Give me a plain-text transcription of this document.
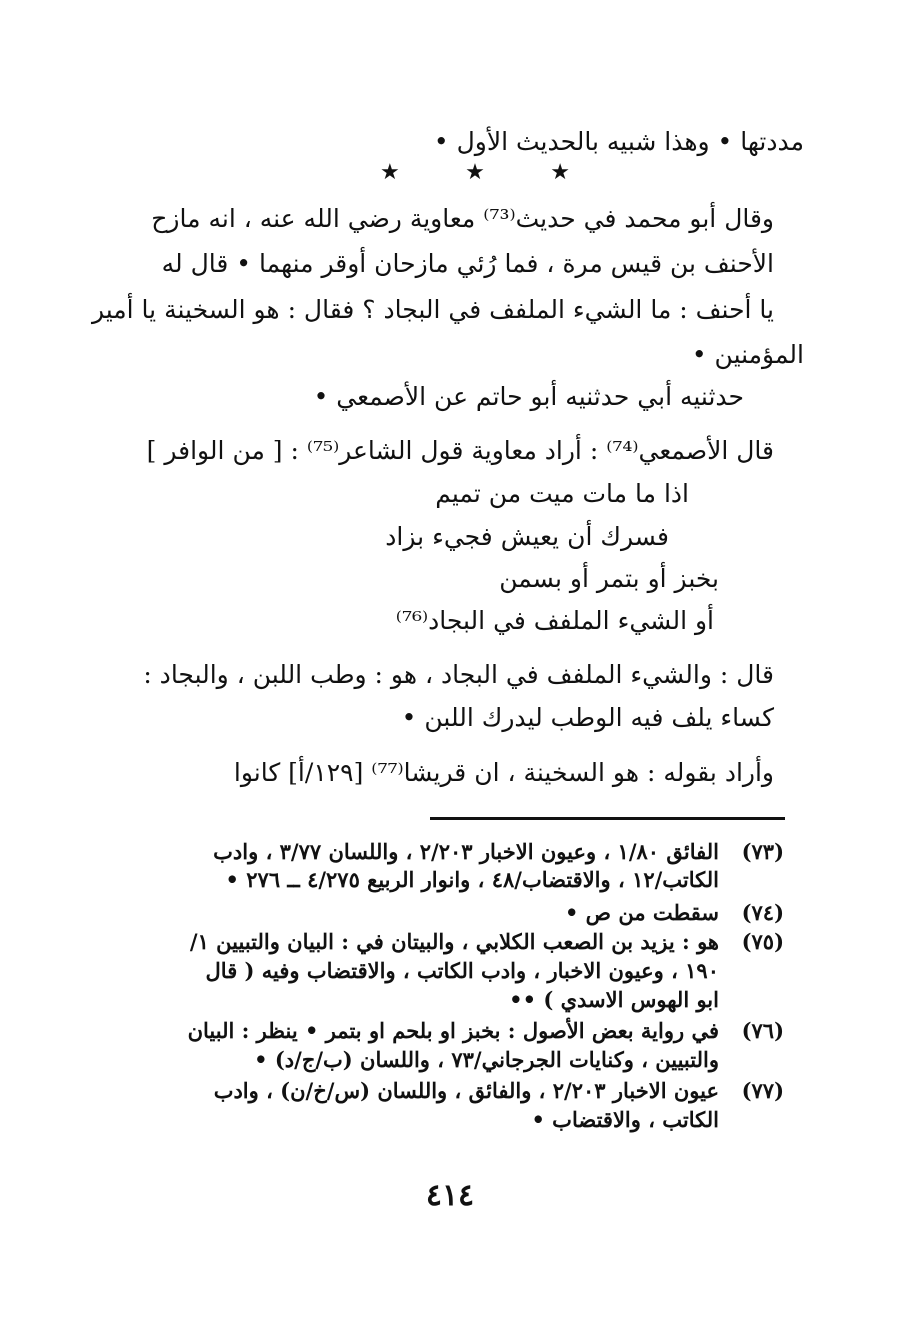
مددتها • وهذا شبيه بالحديث الأول •
★	★	★
وقال أبو محمد في حديث⁽⁷³⁾ معاوية رضي الله عنه ، انه مازح
الأحنف بن قيس مرة ، فما رُئي مازحان أوقر منهما • قال له
يا أحنف : ما الشيء الملفف في البجاد ؟ فقال : هو السخينة يا أمير
المؤمنين •
حدثنيه أبي حدثنيه أبو حاتم عن الأصمعي •
قال الأصمعي⁽⁷⁴⁾ : أراد معاوية قول الشاعر⁽⁷⁵⁾ : [ من الوافر ]
اذا ما مات ميت من تميم
فسرك أن يعيش فجيء بزاد
بخبز أو بتمر أو بسمن
أو الشيء الملفف في البجاد⁽⁷⁶⁾
قال : والشيء الملفف في البجاد ، هو : وطب اللبن ، والبجاد :
كساء يلف فيه الوطب ليدرك اللبن •
وأراد بقوله : هو السخينة ، ان قريشا⁽⁷⁷⁾ [١٢٩/أ] كانوا
(٧٣)
الفائق ١/٨٠ ، وعيون الاخبار ٢/٢٠٣ ، واللسان ٣/٧٧ ، وادب
الكاتب/١٢ ، والاقتضاب/٤٨ ، وانوار الربيع ٤/٢٧٥ ــ ٢٧٦ •
(٧٤)
سقطت من ص •
(٧٥)
هو : يزيد بن الصعب الكلابي ، والبيتان في : البيان والتبيين ١/
١٩٠ ، وعيون الاخبار ، وادب الكاتب ، والاقتضاب وفيه ( قال
ابو الهوس الاسدي ) ••
(٧٦)
في رواية بعض الأصول : بخبز او بلحم او بتمر • ينظر : البيان
والتبيين ، وكنايات الجرجاني/٧٣ ، واللسان (ب/ج/د) •
(٧٧)
عيون الاخبار ٢/٢٠٣ ، والفائق ، واللسان (س/خ/ن) ، وادب
الكاتب ، والاقتضاب •
٤١٤
